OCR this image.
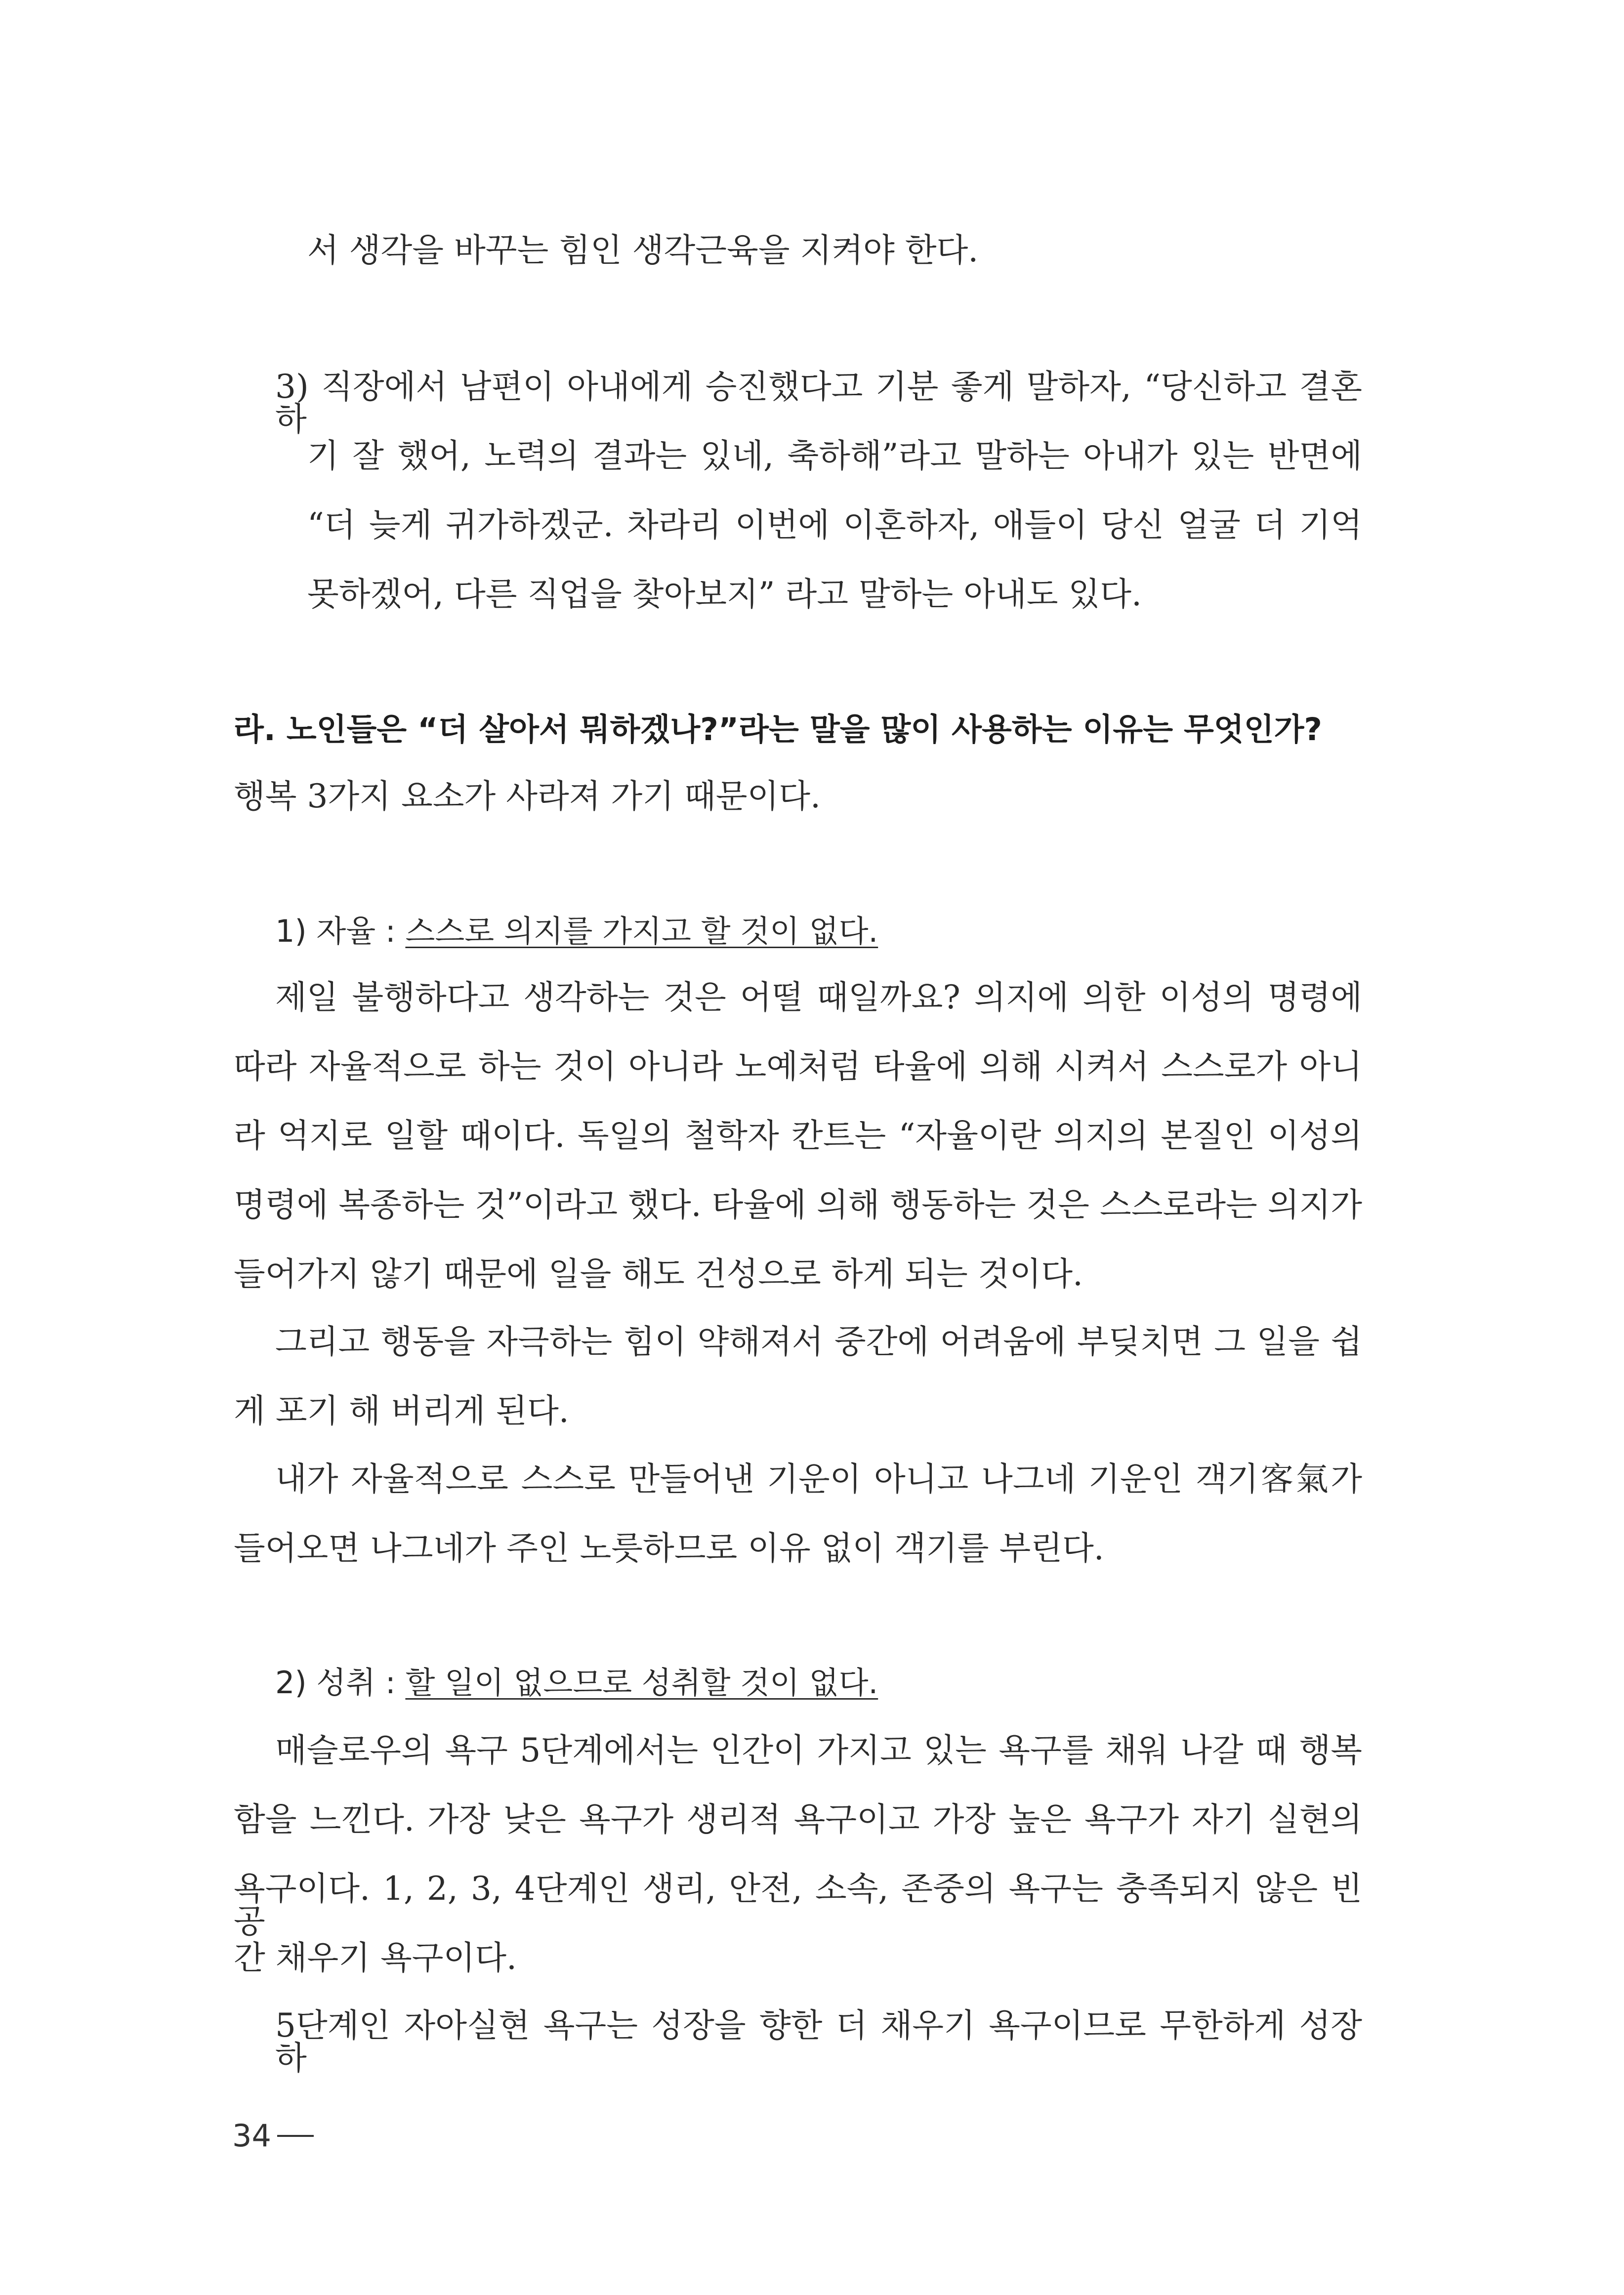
서 생각을 바꾸는 힘인 생각근육을 지켜야 한다.
3) 직장에서 남편이 아내에게 승진했다고 기분 좋게 말하자, “당신하고 결혼하
기 잘 했어, 노력의 결과는 있네, 축하해”라고 말하는 아내가 있는 반면에
“더 늦게 귀가하겠군. 차라리 이번에 이혼하자, 애들이 당신 얼굴 더 기억
못하겠어, 다른 직업을 찾아보지” 라고 말하는 아내도 있다.
라. 노인들은 “더 살아서 뭐하겠나?”라는 말을 많이 사용하는 이유는 무엇인가?
행복 3가지 요소가 사라져 가기 때문이다.
1) 자율 : 스스로 의지를 가지고 할 것이 없다.
제일 불행하다고 생각하는 것은 어떨 때일까요? 의지에 의한 이성의 명령에
따라 자율적으로 하는 것이 아니라 노예처럼 타율에 의해 시켜서 스스로가 아니
라 억지로 일할 때이다. 독일의 철학자 칸트는 “자율이란 의지의 본질인 이성의
명령에 복종하는 것”이라고 했다. 타율에 의해 행동하는 것은 스스로라는 의지가
들어가지 않기 때문에 일을 해도 건성으로 하게 되는 것이다.
그리고 행동을 자극하는 힘이 약해져서 중간에 어려움에 부딪치면 그 일을 쉽
게 포기 해 버리게 된다.
내가 자율적으로 스스로 만들어낸 기운이 아니고 나그네 기운인 객기客氣가
들어오면 나그네가 주인 노릇하므로 이유 없이 객기를 부린다.
2) 성취 : 할 일이 없으므로 성취할 것이 없다.
매슬로우의 욕구 5단계에서는 인간이 가지고 있는 욕구를 채워 나갈 때 행복
함을 느낀다. 가장 낮은 욕구가 생리적 욕구이고 가장 높은 욕구가 자기 실현의
욕구이다. 1, 2, 3, 4단계인 생리, 안전, 소속, 존중의 욕구는 충족되지 않은 빈 공
간 채우기 욕구이다.
5단계인 자아실현 욕구는 성장을 향한 더 채우기 욕구이므로 무한하게 성장하
34
